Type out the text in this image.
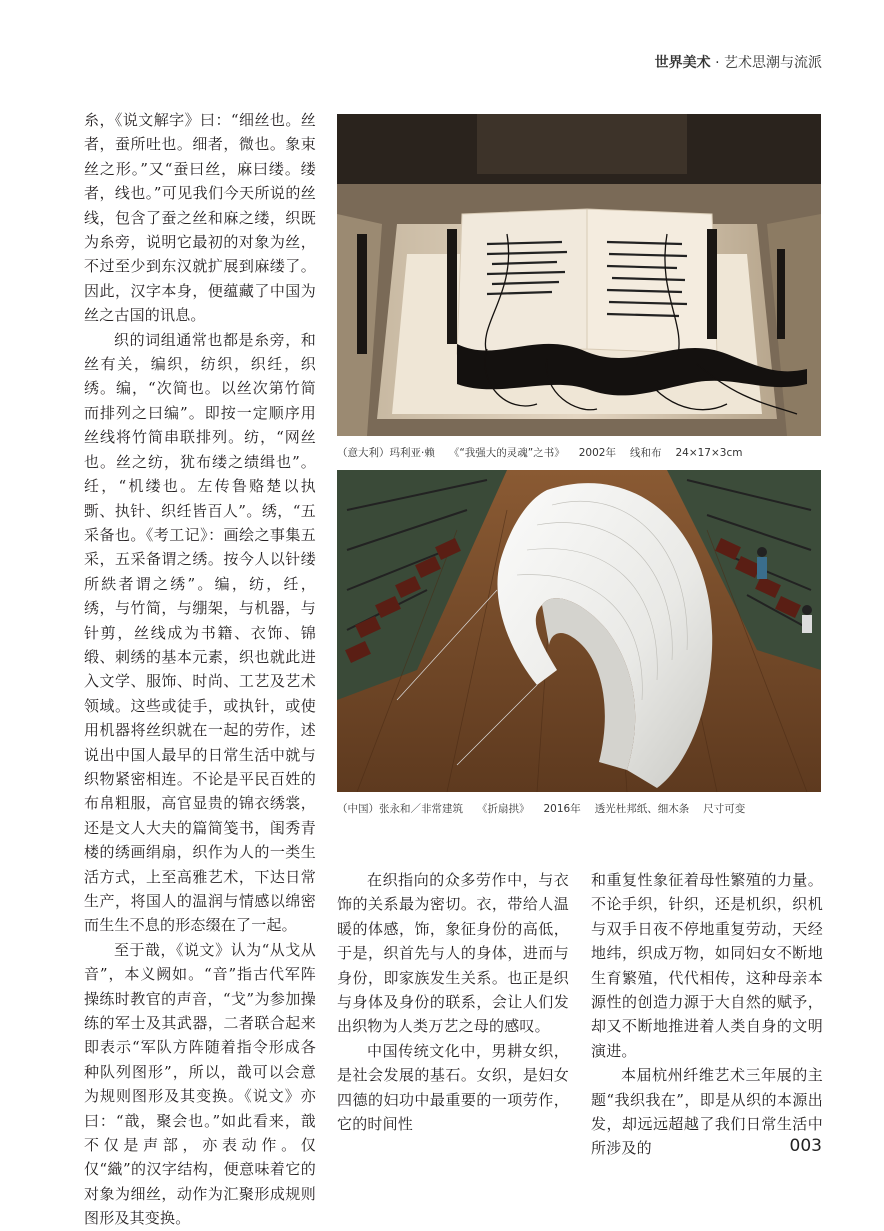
世界美术 · 艺术思潮与流派

糸，《说文解字》曰：“细丝也。丝者，蚕所吐也。细者，微也。象束丝之形。”又“蚕曰丝，麻曰缕。缕者，线也。”可见我们今天所说的丝线，包含了蚕之丝和麻之缕，织既为糸旁，说明它最初的对象为丝，不过至少到东汉就扩展到麻缕了。因此，汉字本身，便蕴藏了中国为丝之古国的讯息。

织的词组通常也都是糸旁，和丝有关，编织，纺织，织纴，织绣。编，“次简也。以丝次第竹简而排列之曰编”。即按一定顺序用丝线将竹简串联排列。纺，“网丝也。丝之纺，犹布缕之绩缉也”。纴，“机缕也。左传鲁赂楚以执斲、执针、织纴皆百人”。绣，“五采备也。《考工记》：画绘之事集五采，五采备谓之绣。按今人以针缕所紩者谓之绣”。编，纺，纴，绣，与竹简，与绷架，与机器，与针剪，丝线成为书籍、衣饰、锦缎、刺绣的基本元素，织也就此进入文学、服饰、时尚、工艺及艺术领域。这些或徒手，或执针，或使用机器将丝织就在一起的劳作，述说出中国人最早的日常生活中就与织物紧密相连。不论是平民百姓的布帛粗服，高官显贵的锦衣绣裳，还是文人大夫的篇简笺书，闺秀青楼的绣画绢扇，织作为人的一类生活方式，上至高雅艺术，下达日常生产，将国人的温润与情感以绵密而生生不息的形态缀在了一起。

至于戠，《说文》认为“从戈从音”，本义阙如。“音”指古代军阵操练时教官的声音，“戈”为参加操练的军士及其武器，二者联合起来即表示“军队方阵随着指令形成各种队列图形”，所以，戠可以会意为规则图形及其变换。《说文》亦曰：“戠，聚会也。”如此看来，戠不仅是声部，亦表动作。仅仅“織”的汉字结构，便意味着它的对象为细丝，动作为汇聚形成规则图形及其变换。

（意大利）玛利亚·赖 《“我强大的灵魂”之书》 2002年 线和布 24×17×3cm
（中国）张永和／非常建筑 《折扇拱》 2016年 透光杜邦纸、细木条 尺寸可变

在织指向的众多劳作中，与衣饰的关系最为密切。衣，带给人温暖的体感，饰，象征身份的高低，于是，织首先与人的身体，进而与身份，即家族发生关系。也正是织与身体及身份的联系，会让人们发出织物为人类万艺之母的感叹。

中国传统文化中，男耕女织，是社会发展的基石。女织，是妇女四德的妇功中最重要的一项劳作，它的时间性

和重复性象征着母性繁殖的力量。不论手织，针织，还是机织，织机与双手日夜不停地重复劳动，天经地纬，织成万物，如同妇女不断地生育繁殖，代代相传，这种母亲本源性的创造力源于大自然的赋予，却又不断地推进着人类自身的文明演进。

本届杭州纤维艺术三年展的主题“我织我在”，即是从织的本源出发，却远远超越了我们日常生活中所涉及的	003
